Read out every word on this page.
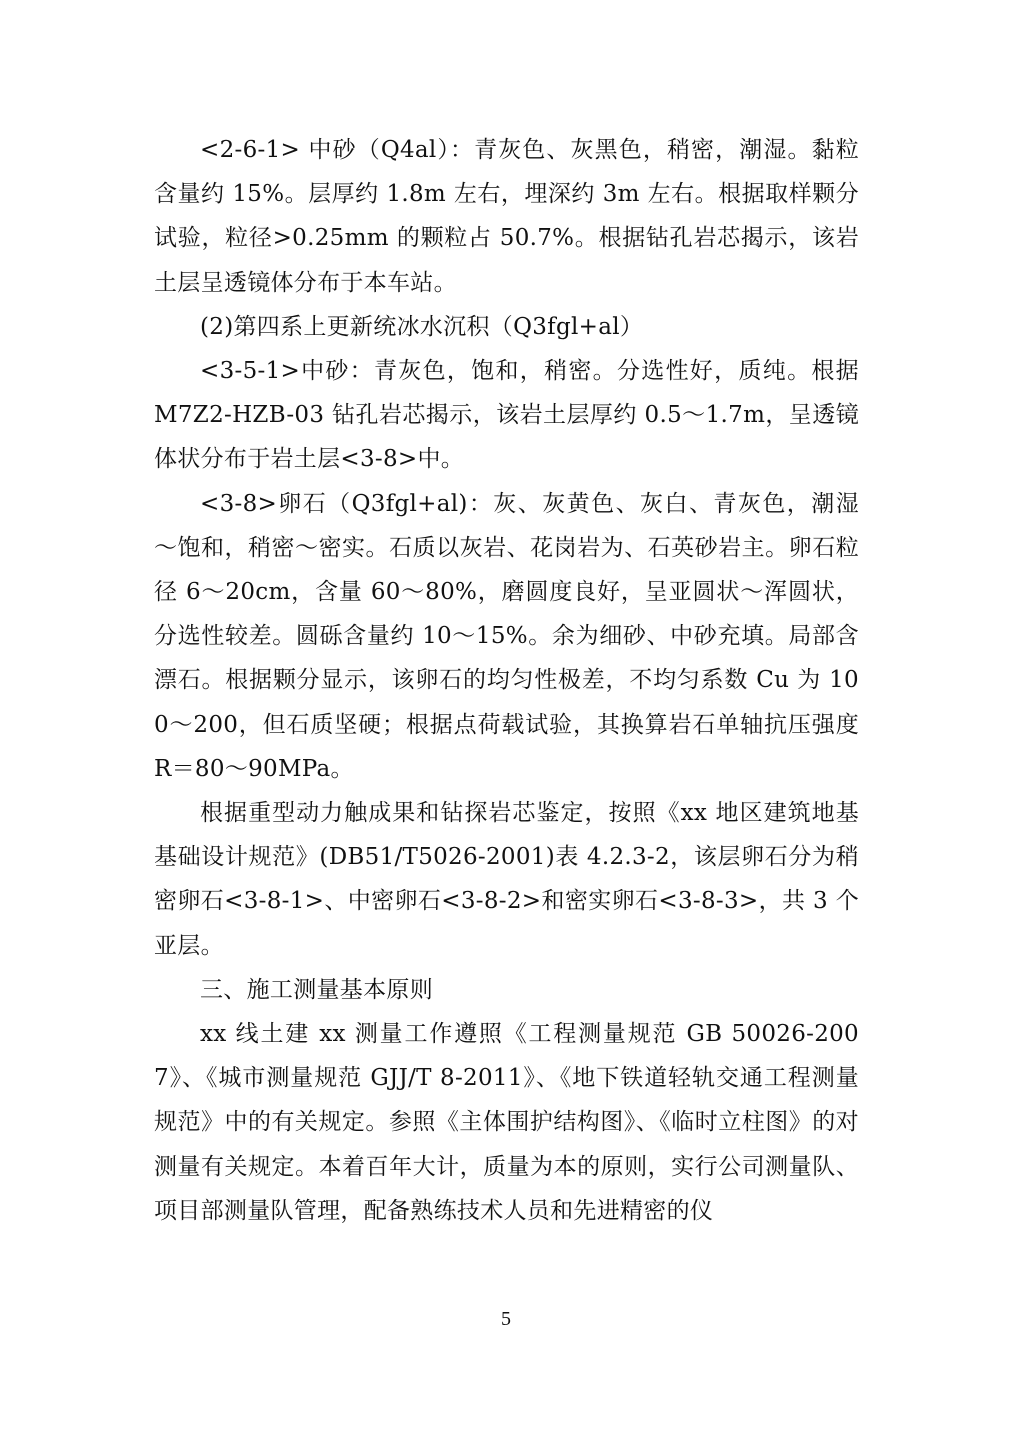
<2-6-1> 中砂（Q4al）：青灰色、灰黑色，稍密，潮湿。黏粒含量约 15%。层厚约 1.8m 左右，埋深约 3m 左右。根据取样颗分试验，粒径>0.25mm 的颗粒占 50.7%。根据钻孔岩芯揭示，该岩土层呈透镜体分布于本车站。

(2)第四系上更新统冰水沉积（Q3fgl+al）

<3-5-1>中砂：青灰色，饱和，稍密。分选性好，质纯。根据 M7Z2-HZB-03 钻孔岩芯揭示，该岩土层厚约 0.5～1.7m，呈透镜体状分布于岩土层<3-8>中。

<3-8>卵石（Q3fgl+al)：灰、灰黄色、灰白、青灰色，潮湿～饱和，稍密～密实。石质以灰岩、花岗岩为、石英砂岩主。卵石粒径 6～20cm，含量 60～80%，磨圆度良好，呈亚圆状～浑圆状，分选性较差。圆砾含量约 10～15%。余为细砂、中砂充填。局部含漂石。根据颗分显示，该卵石的均匀性极差，不均匀系数 Cu 为 100～200，但石质坚硬；根据点荷载试验，其换算岩石单轴抗压强度 R＝80～90MPa。

根据重型动力触成果和钻探岩芯鉴定，按照《xx 地区建筑地基基础设计规范》(DB51/T5026-2001)表 4.2.3-2，该层卵石分为稍密卵石<3-8-1>、中密卵石<3-8-2>和密实卵石<3-8-3>，共 3 个亚层。

三、施工测量基本原则

xx 线土建 xx 测量工作遵照《工程测量规范 GB 50026-2007》、《城市测量规范 GJJ/T 8-2011》、《地下铁道轻轨交通工程测量规范》中的有关规定。参照《主体围护结构图》、《临时立柱图》的对测量有关规定。本着百年大计，质量为本的原则，实行公司测量队、项目部测量队管理，配备熟练技术人员和先进精密的仪

5
